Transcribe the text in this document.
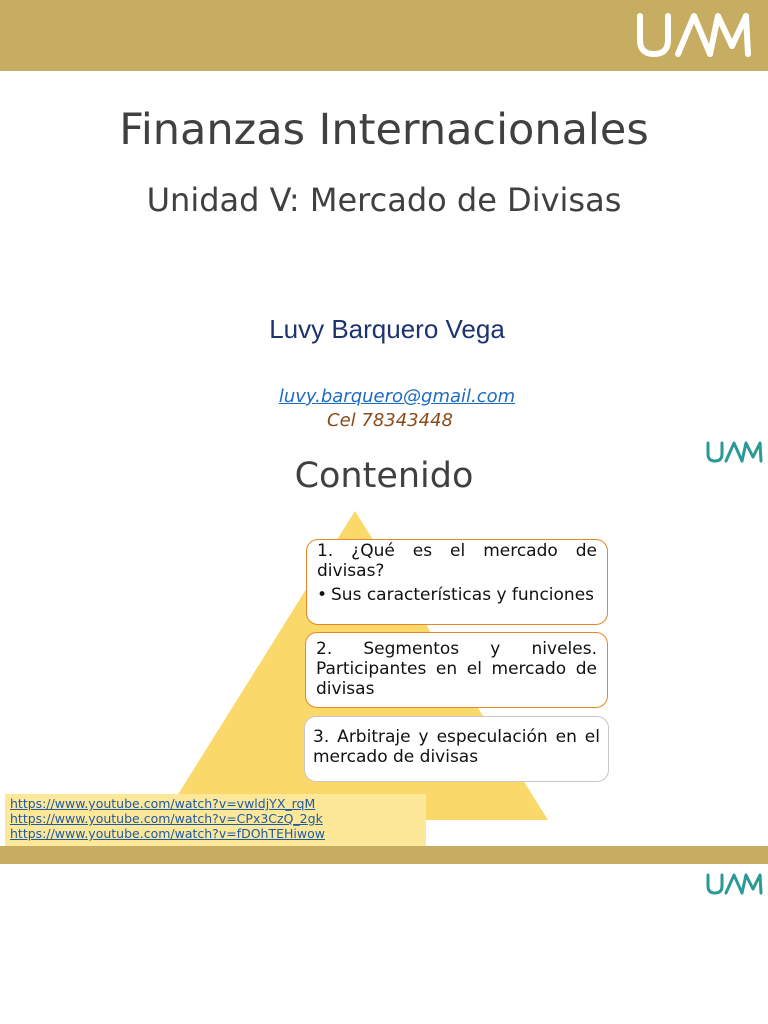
Finanzas Internacionales
Unidad V: Mercado de Divisas
Luvy Barquero Vega
luvy.barquero@gmail.com
Cel 78343448
Contenido
1. ¿Qué es el mercado de divisas?
• Sus características y funciones
2. Segmentos y niveles. Participantes en el mercado de divisas
3. Arbitraje y especulación en el mercado de divisas
https://www.youtube.com/watch?v=vwldjYX_rqM
https://www.youtube.com/watch?v=CPx3CzQ_2gk
https://www.youtube.com/watch?v=fDOhTEHiwow
